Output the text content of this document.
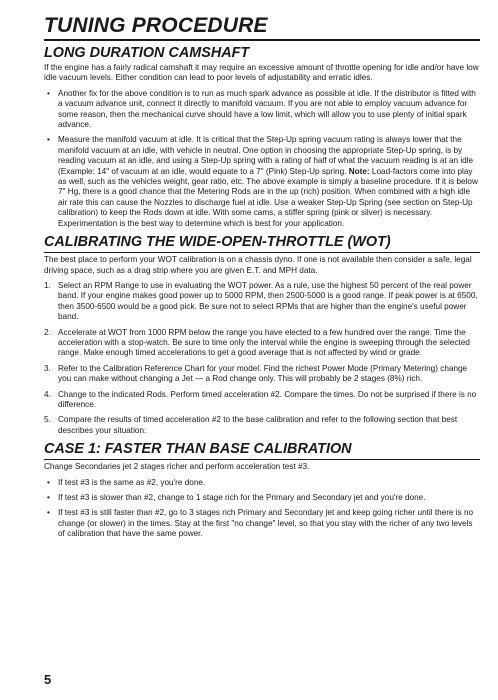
TUNING PROCEDURE
LONG DURATION CAMSHAFT

If the engine has a fairly radical camshaft it may require an excessive amount of throttle opening for idle and/or have low idle vacuum levels. Either condition can lead to poor levels of adjustability and erratic idles.

• Another fix for the above condition is to run as much spark advance as possible at idle. If the distributor is fitted with a vacuum advance unit, connect it directly to manifold vacuum. If you are not able to employ vacuum advance for some reason, then the mechanical curve should have a low limit, which will allow you to use plenty of initial spark advance.
• Measure the manifold vacuum at idle. It is critical that the Step-Up spring vacuum rating is always lower that the manifold vacuum at an idle, with vehicle in neutral. One option in choosing the appropriate Step-Up spring, is by reading vacuum at an idle, and using a Step-Up spring with a rating of half of what the vacuum reading is at an idle (Example: 14" of vacuum at an idle, would equate to a 7" (Pink) Step-Up spring. Note: Load-factors come into play as well, such as the vehicles weight, gear ratio, etc. The above example is simply a baseline procedure. If it is below 7" Hg, there is a good chance that the Metering Rods are in the up (rich) position. When combined with a high idle air rate this can cause the Nozzles to discharge fuel at idle. Use a weaker Step-Up Spring (see section on Step-Up calibration) to keep the Rods down at idle. With some cams, a stiffer spring (pink or silver) is necessary. Experimentation is the best way to determine which is best for your application.
CALIBRATING THE WIDE-OPEN-THROTTLE (WOT)

The best place to perform your WOT calibration is on a chassis dyno. If one is not available then consider a safe, legal driving space, such as a drag strip where you are given E.T. and MPH data.

1. Select an RPM Range to use in evaluating the WOT power. As a rule, use the highest 50 percent of the real power band. If your engine makes good power up to 5000 RPM, then 2500-5000 is a good range. If peak power is at 6500, then 3500-6500 would be a good pick. Be sure not to select RPMs that are higher than the engine's useful power band.
2. Accelerate at WOT from 1000 RPM below the range you have elected to a few hundred over the range. Time the acceleration with a stop-watch. Be sure to time only the interval while the engine is sweeping through the selected range. Make enough timed accelerations to get a good average that is not affected by wind or grade.
3. Refer to the Calibration Reference Chart for your model. Find the richest Power Mode (Primary Metering) change you can make without changing a Jet — a Rod change only. This will probably be 2 stages (8%) rich.
4. Change to the indicated Rods. Perform timed acceleration #2. Compare the times. Do not be surprised if there is no difference.
5. Compare the results of timed acceleration #2 to the base calibration and refer to the following section that best describes your situation:
CASE 1: FASTER THAN BASE CALIBRATION

Change Secondaries jet 2 stages richer and perform acceleration test #3.

• If test #3 is the same as #2, you're done.
• If test #3 is slower than #2, change to 1 stage rich for the Primary and Secondary jet and you're done.
• If test #3 is still faster than #2, go to 3 stages rich Primary and Secondary jet and keep going richer until there is no change (or slower) in the times. Stay at the first "no change" level, so that you stay with the richer of any two levels of calibration that have the same power.
5
